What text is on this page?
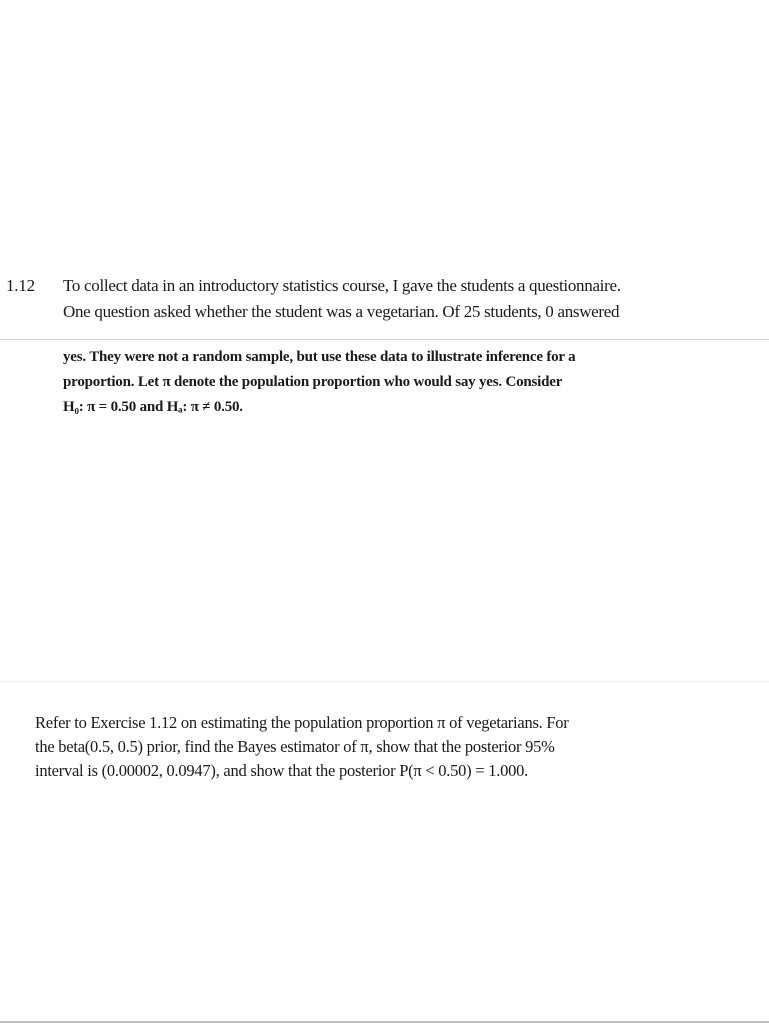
1.12 To collect data in an introductory statistics course, I gave the students a questionnaire.
One question asked whether the student was a vegetarian. Of 25 students, 0 answered
yes. They were not a random sample, but use these data to illustrate inference for a
proportion. Let π denote the population proportion who would say yes. Consider
H₀: π = 0.50 and Hₐ: π ≠ 0.50.
Refer to Exercise 1.12 on estimating the population proportion π of vegetarians. For
the beta(0.5, 0.5) prior, find the Bayes estimator of π, show that the posterior 95%
interval is (0.00002, 0.0947), and show that the posterior P(π < 0.50) = 1.000.
